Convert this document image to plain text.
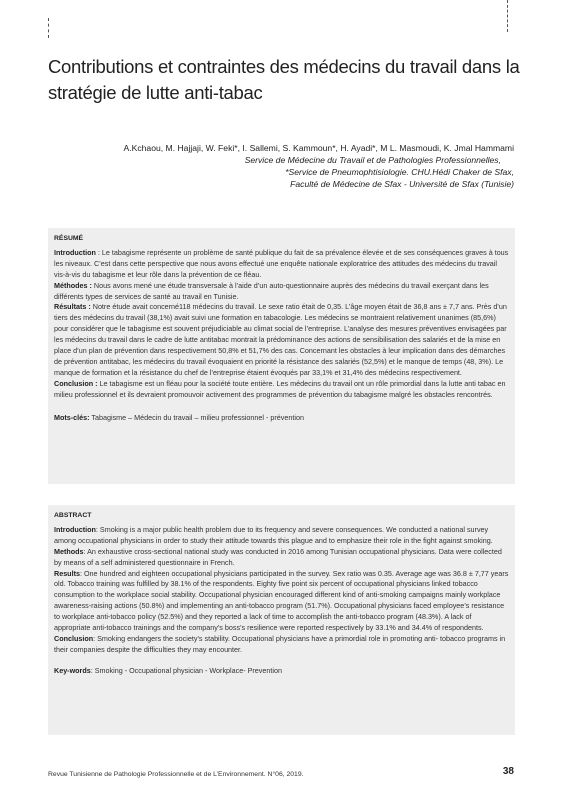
Contributions et contraintes des médecins du travail dans la stratégie de lutte anti-tabac
A.Kchaou, M. Hajjaji, W. Feki*, I. Sallemi, S. Kammoun*, H. Ayadi*, M L. Masmoudi, K. Jmal Hammami
Service de Médecine du Travail et de Pathologies Professionnelles,
*Service de Pneumophtisiologie. CHU.Hédi Chaker de Sfax,
Faculté de Médecine de Sfax - Université de Sfax (Tunisie)
RÉSUMÉ

Introduction : Le tabagisme représente un problème de santé publique du fait de sa prévalence élevée et de ses conséquences graves à tous les niveaux. C’est dans cette perspective que nous avons effectué une enquête nationale exploratrice des attitudes des médecins du travail vis-à-vis du tabagisme et leur rôle dans la prévention de ce fléau.

Méthodes : Nous avons mené une étude transversale à l’aide d’un auto-questionnaire auprès des médecins du travail exerçant dans les différents types de services de santé au travail en Tunisie.

Résultats : Notre étude avait concerné118 médecins du travail. Le sexe ratio était de 0,35. L’âge moyen était de 36,8 ans ± 7,7 ans. Près d’un tiers des médecins du travail (38,1%) avait suivi une formation en tabacologie. Les médecins se montraient relativement unanimes (85,6%) pour considérer que le tabagisme est souvent préjudiciable au climat social de l’entreprise. L’analyse des mesures préventives envisagées par les médecins du travail dans le cadre de lutte antitabac montrait la prédominance des actions de sensibilisation des salariés et de la mise en place d’un plan de prévention dans respectivement 50,8% et 51,7% des cas. Concernant les obstacles à leur implication dans des démarches de prévention antitabac, les médecins du travail évoquaient en priorité la résistance des salariés (52,5%) et le manque de temps (48, 3%). Le manque de formation et la résistance du chef de l’entreprise étaient évoqués par 33,1% et 31,4% des médecins respectivement.

Conclusion : Le tabagisme est un fléau pour la société toute entière. Les médecins du travail ont un rôle primordial dans la lutte anti tabac en milieu professionnel et ils devraient promouvoir activement des programmes de prévention du tabagisme malgré les obstacles rencontrés.

Mots-clés: Tabagisme – Médecin du travail – milieu professionnel - prévention

ABSTRACT

Introduction: Smoking is a major public health problem due to its frequency and severe consequences. We conducted a national survey among occupational physicians in order to study their attitude towards this plague and to emphasize their role in the fight against smoking.

Methods: An exhaustive cross-sectional national study was conducted in 2016 among Tunisian occupational physicians. Data were collected by means of a self administered questionnaire in French.

Results: One hundred and eighteen occupational physicians participated in the survey. Sex ratio was 0.35. Average age was 36.8 ± 7,77 years old. Tobacco training was fulfilled by 38.1% of the respondents. Eighty five point six percent of occupational physicians linked tobacco consumption to the workplace social stability. Occupational physician encouraged different kind of anti-smoking campaigns mainly workplace awareness-raising actions (50.8%) and implementing an anti-tobacco program (51.7%). Occupational physicians faced employee’s resistance to workplace anti-tobacco policy (52.5%) and they reported a lack of time to accomplish the anti-tobacco program (48.3%). A lack of appropriate anti-tobacco trainings and the company’s boss’s resilience were reported respectively by 33.1% and 34.4% of respondents.

Conclusion: Smoking endangers the society’s stability. Occupational physicians have a primordial role in promoting anti- tobacco programs in their companies despite the difficulties they may encounter.

Key-words: Smoking - Occupational physician - Workplace- Prevention

Revue Tunisienne de Pathologie Professionnelle et de L’Environnement. N°06, 2019.	38
